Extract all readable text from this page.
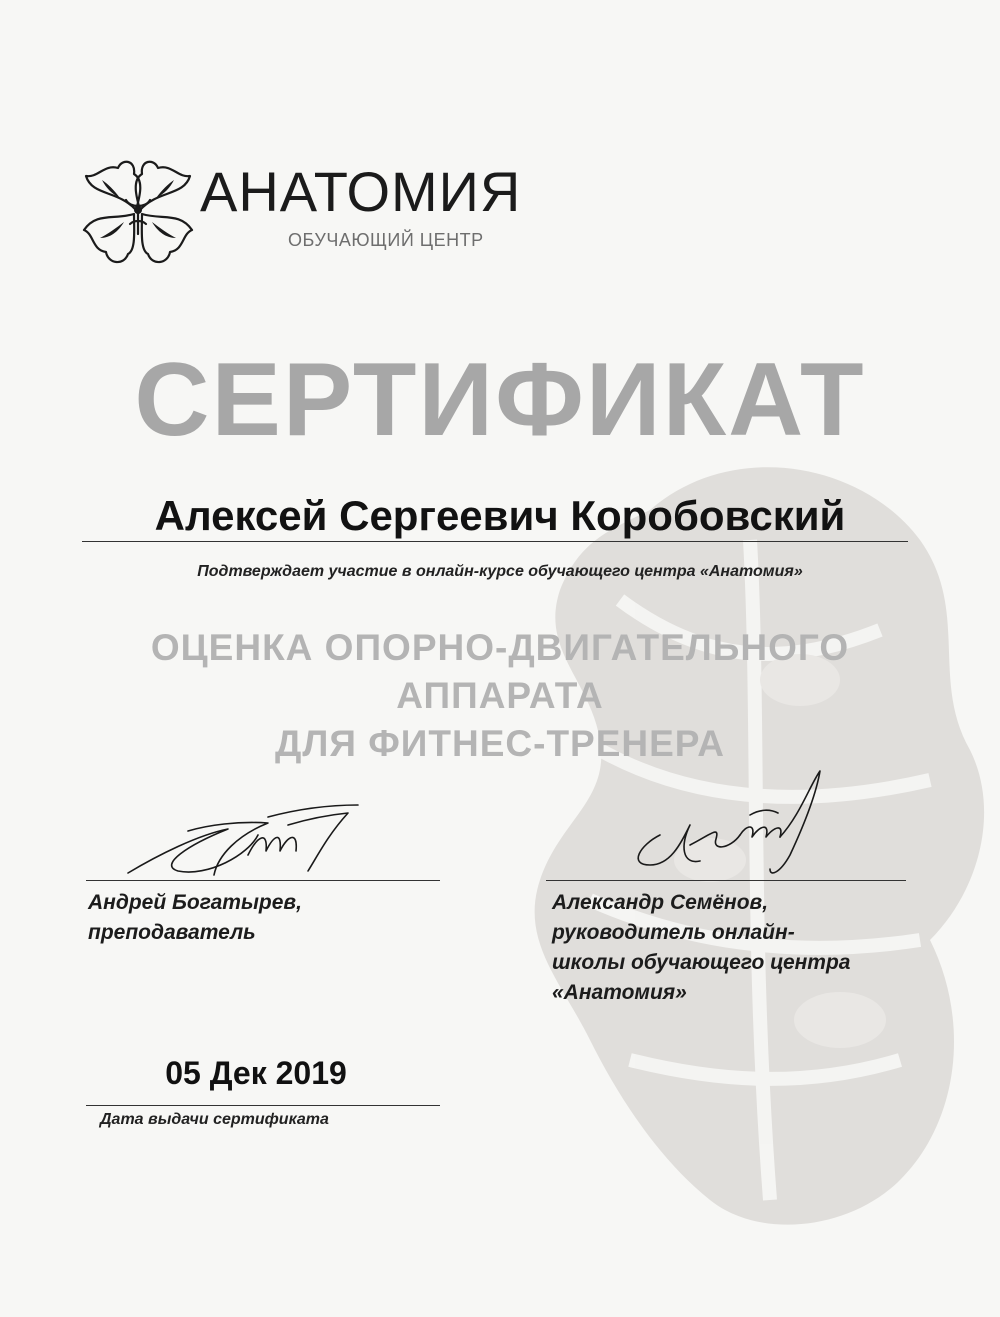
АНАТОМИЯ
ОБУЧАЮЩИЙ ЦЕНТР
СЕРТИФИКАТ
Алексей Сергеевич Коробовский
Подтверждает участие в онлайн-курсе обучающего центра «Анатомия»
ОЦЕНКА ОПОРНО-ДВИГАТЕЛЬНОГО
АППАРАТА
ДЛЯ ФИТНЕС-ТРЕНЕРА
Андрей Богатырев,
преподаватель
Александр Семёнов,
руководитель онлайн-
школы обучающего центра
«Анатомия»
05 Дек 2019
Дата выдачи сертификата
